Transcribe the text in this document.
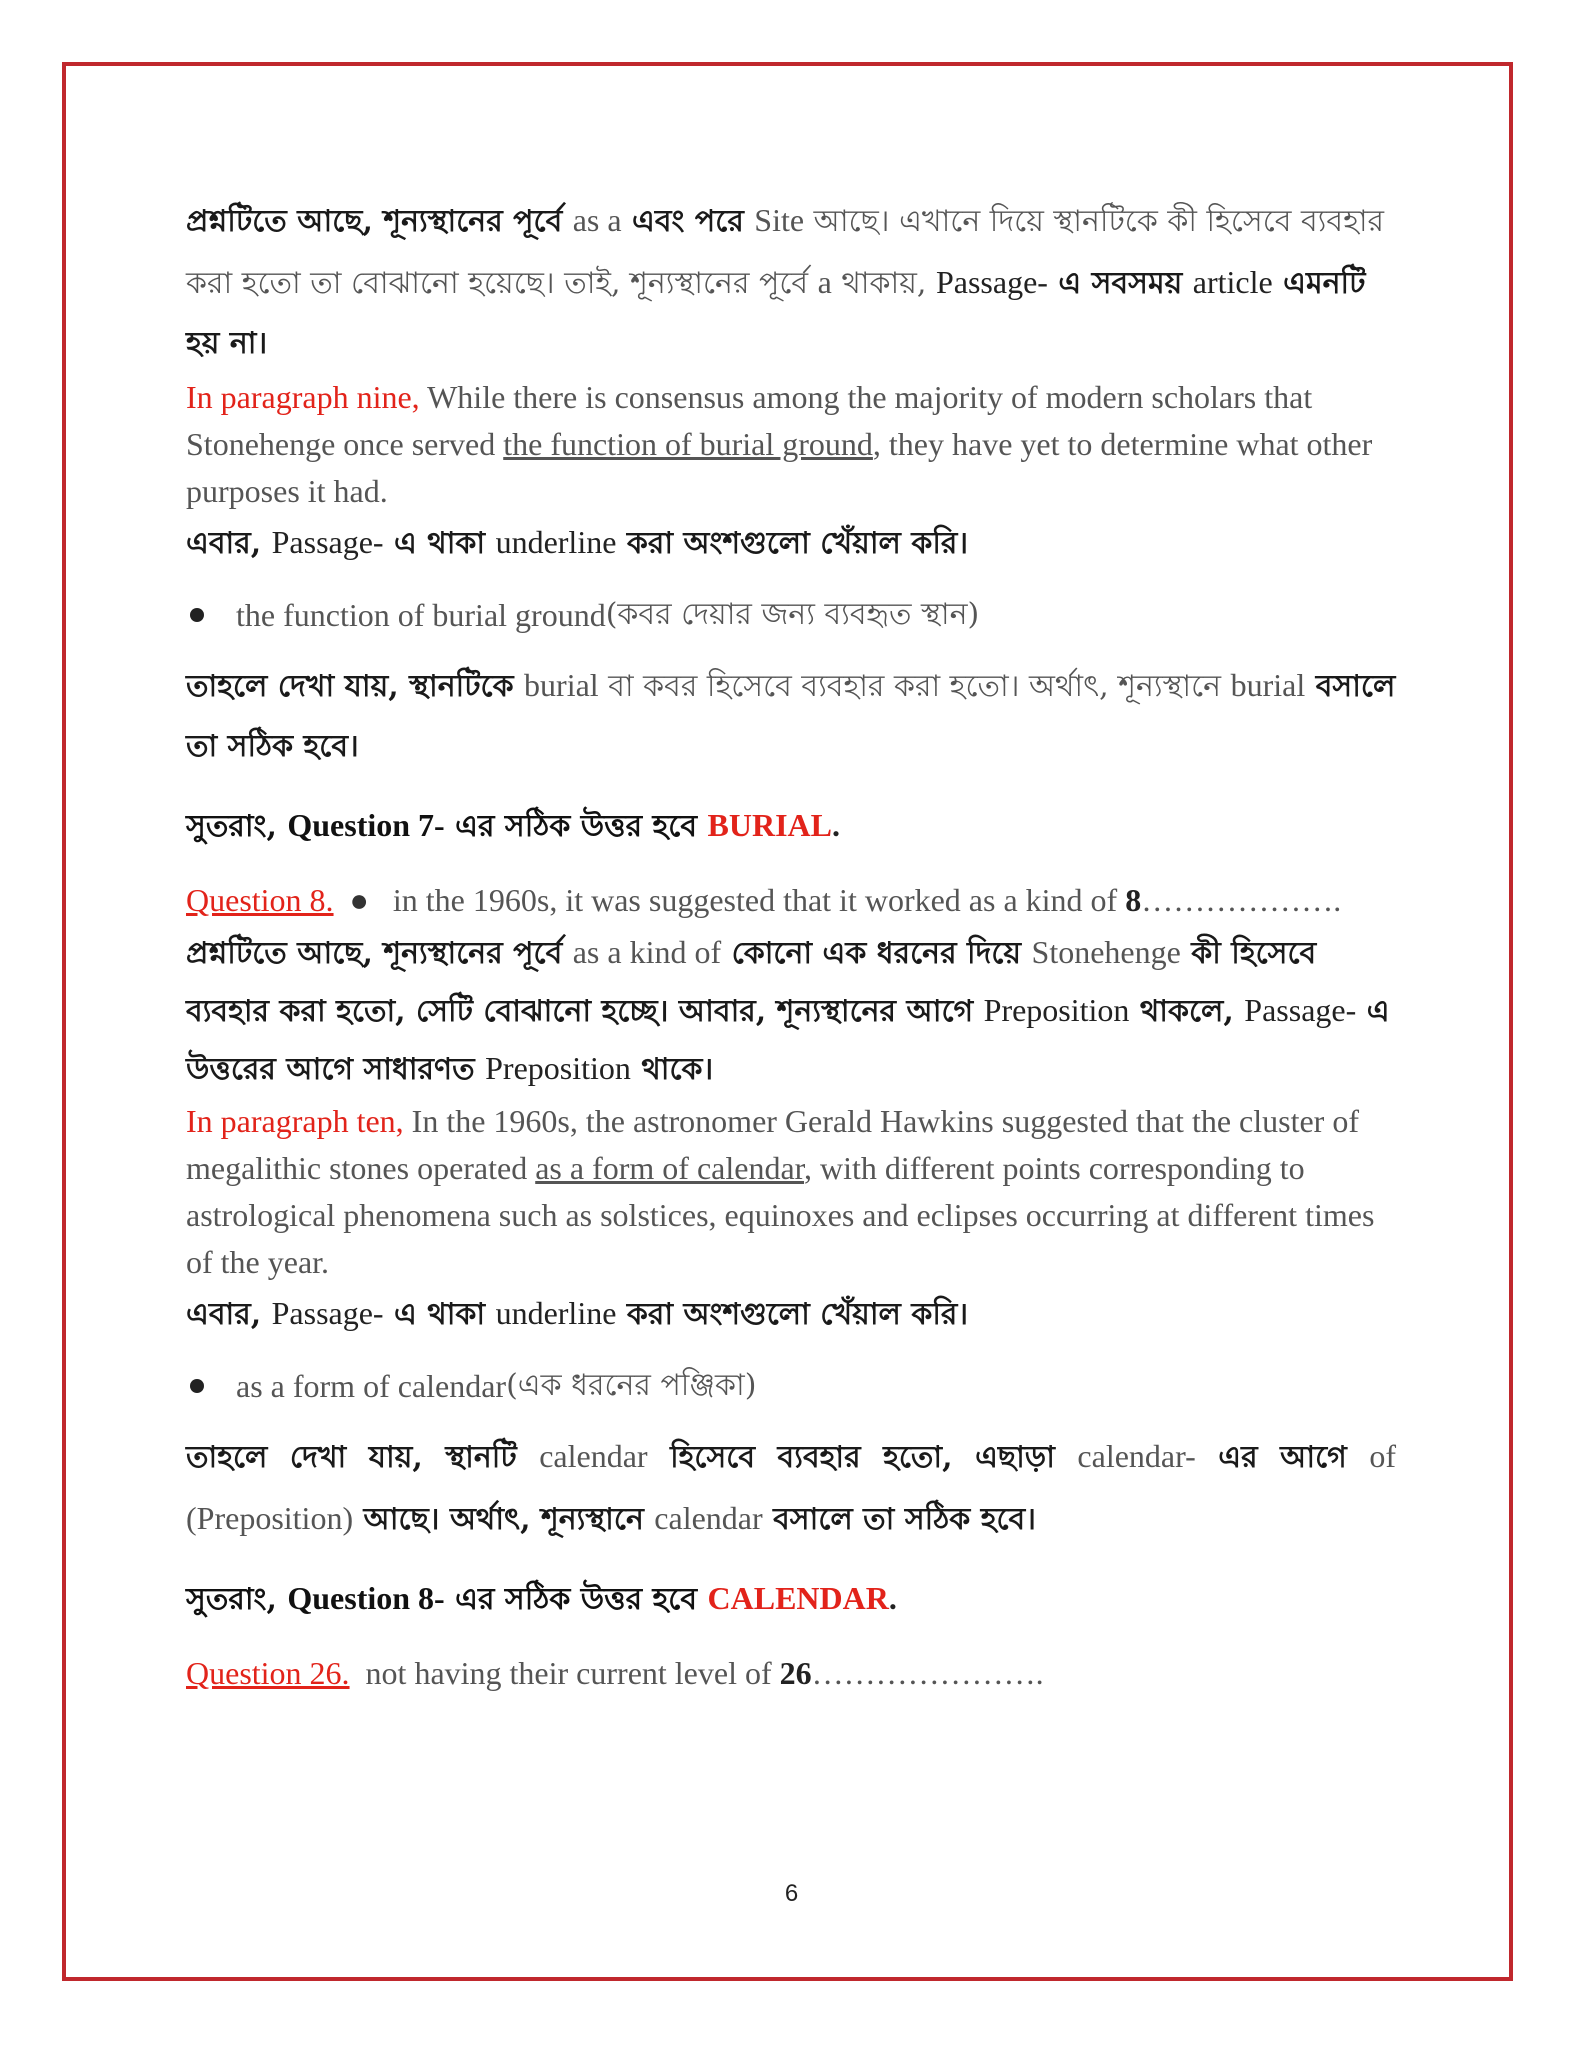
প্রশ্নটিতে আছে, শূন্যস্থানের পূর্বে as a এবং পরে Site আছে। এখানে দিয়ে স্থানটিকে কী হিসেবে ব্যবহার করা হতো তা বোঝানো হয়েছে। তাই, শূন্যস্থানের পূর্বে a থাকায়, Passage- এ সবসময় article এমনটি হয় না।

In paragraph nine, While there is consensus among the majority of modern scholars that Stonehenge once served the function of burial ground, they have yet to determine what other purposes it had.

এবার, Passage- এ থাকা underline করা অংশগুলো খেঁয়াল করি।

the function of burial ground (কবর দেয়ার জন্য ব্যবহৃত স্থান)

তাহলে দেখা যায়, স্থানটিকে burial বা কবর হিসেবে ব্যবহার করা হতো। অর্থাৎ, শূন্যস্থানে burial বসালে তা সঠিক হবে।

সুতরাং, Question 7- এর সঠিক উত্তর হবে BURIAL.

Question 8. ● in the 1960s, it was suggested that it worked as a kind of 8……………….

প্রশ্নটিতে আছে, শূন্যস্থানের পূর্বে as a kind of কোনো এক ধরনের দিয়ে Stonehenge কী হিসেবে ব্যবহার করা হতো, সেটি বোঝানো হচ্ছে। আবার, শূন্যস্থানের আগে Preposition থাকলে, Passage- এ উত্তরের আগে সাধারণত Preposition থাকে।

In paragraph ten, In the 1960s, the astronomer Gerald Hawkins suggested that the cluster of megalithic stones operated as a form of calendar, with different points corresponding to astrological phenomena such as solstices, equinoxes and eclipses occurring at different times of the year.

এবার, Passage- এ থাকা underline করা অংশগুলো খেঁয়াল করি।

as a form of calendar (এক ধরনের পঞ্জিকা)

তাহলে দেখা যায়, স্থানটি calendar হিসেবে ব্যবহার হতো, এছাড়া calendar- এর আগে of (Preposition) আছে। অর্থাৎ, শূন্যস্থানে calendar বসালে তা সঠিক হবে।

সুতরাং, Question 8- এর সঠিক উত্তর হবে CALENDAR.

Question 26. not having their current level of 26………………….

6
